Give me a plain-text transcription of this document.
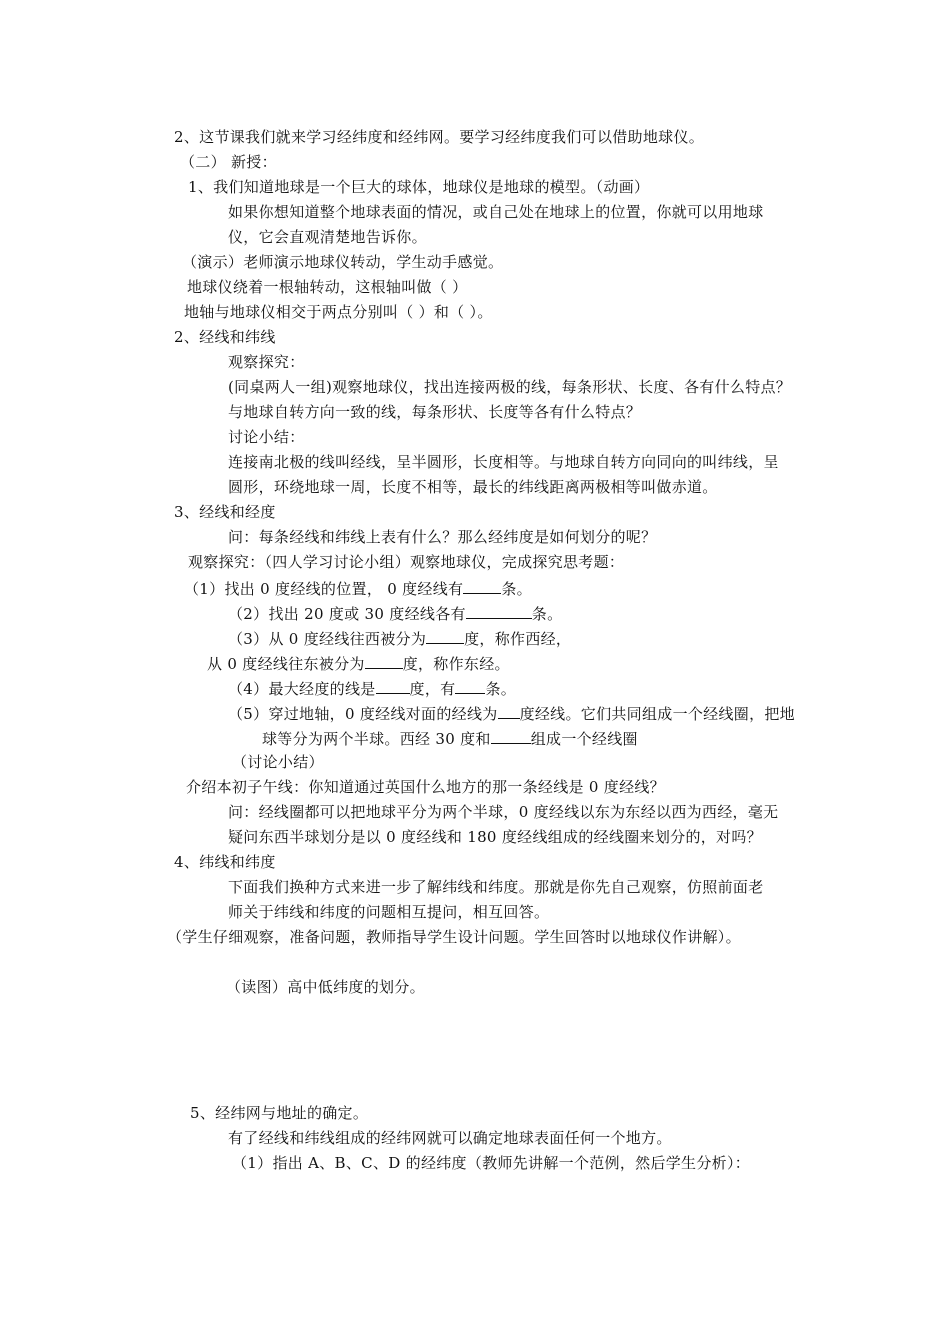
2、这节课我们就来学习经纬度和经纬网。要学习经纬度我们可以借助地球仪。
（二） 新授：
1、我们知道地球是一个巨大的球体，地球仪是地球的模型。（动画）
如果你想知道整个地球表面的情况，或自己处在地球上的位置，你就可以用地球
仪，它会直观清楚地告诉你。
（演示）老师演示地球仪转动，学生动手感觉。
地球仪绕着一根轴转动，这根轴叫做（ ）
地轴与地球仪相交于两点分别叫（ ）和（ ）。
2、经线和纬线
观察探究：
(同桌两人一组)观察地球仪，找出连接两极的线，每条形状、长度、各有什么特点？
与地球自转方向一致的线，每条形状、长度等各有什么特点？
讨论小结：
连接南北极的线叫经线，呈半圆形，长度相等。与地球自转方向同向的叫纬线，呈
圆形，环绕地球一周，长度不相等，最长的纬线距离两极相等叫做赤道。
3、经线和经度
问：每条经线和纬线上表有什么？那么经纬度是如何划分的呢？
观察探究：（四人学习讨论小组）观察地球仪，完成探究思考题：
（1）找出 0 度经线的位置， 0 度经线有	条。
（2）找出 20 度或 30 度经线各有	条。
（3）从 0 度经线往西被分为	度，称作西经，
从 0 度经线往东被分为	度，称作东经。
（4）最大经度的线是 度，有 条。
（5）穿过地轴，0 度经线对面的经线为 度经线。它们共同组成一个经线圈，把地
球等分为两个半球。西经 30 度和	组成一个经线圈
（讨论小结）
介绍本初子午线：你知道通过英国什么地方的那一条经线是 0 度经线？
问：经线圈都可以把地球平分为两个半球，0 度经线以东为东经以西为西经，毫无
疑问东西半球划分是以 0 度经线和 180 度经线组成的经线圈来划分的，对吗？
4、纬线和纬度
下面我们换种方式来进一步了解纬线和纬度。那就是你先自己观察，仿照前面老
师关于纬线和纬度的问题相互提问，相互回答。
（学生仔细观察，准备问题，教师指导学生设计问题。学生回答时以地球仪作讲解）。
（读图）高中低纬度的划分。
5、经纬网与地址的确定。
有了经线和纬线组成的经纬网就可以确定地球表面任何一个地方。
（1）指出 A、B、C、D 的经纬度（教师先讲解一个范例，然后学生分析）：
